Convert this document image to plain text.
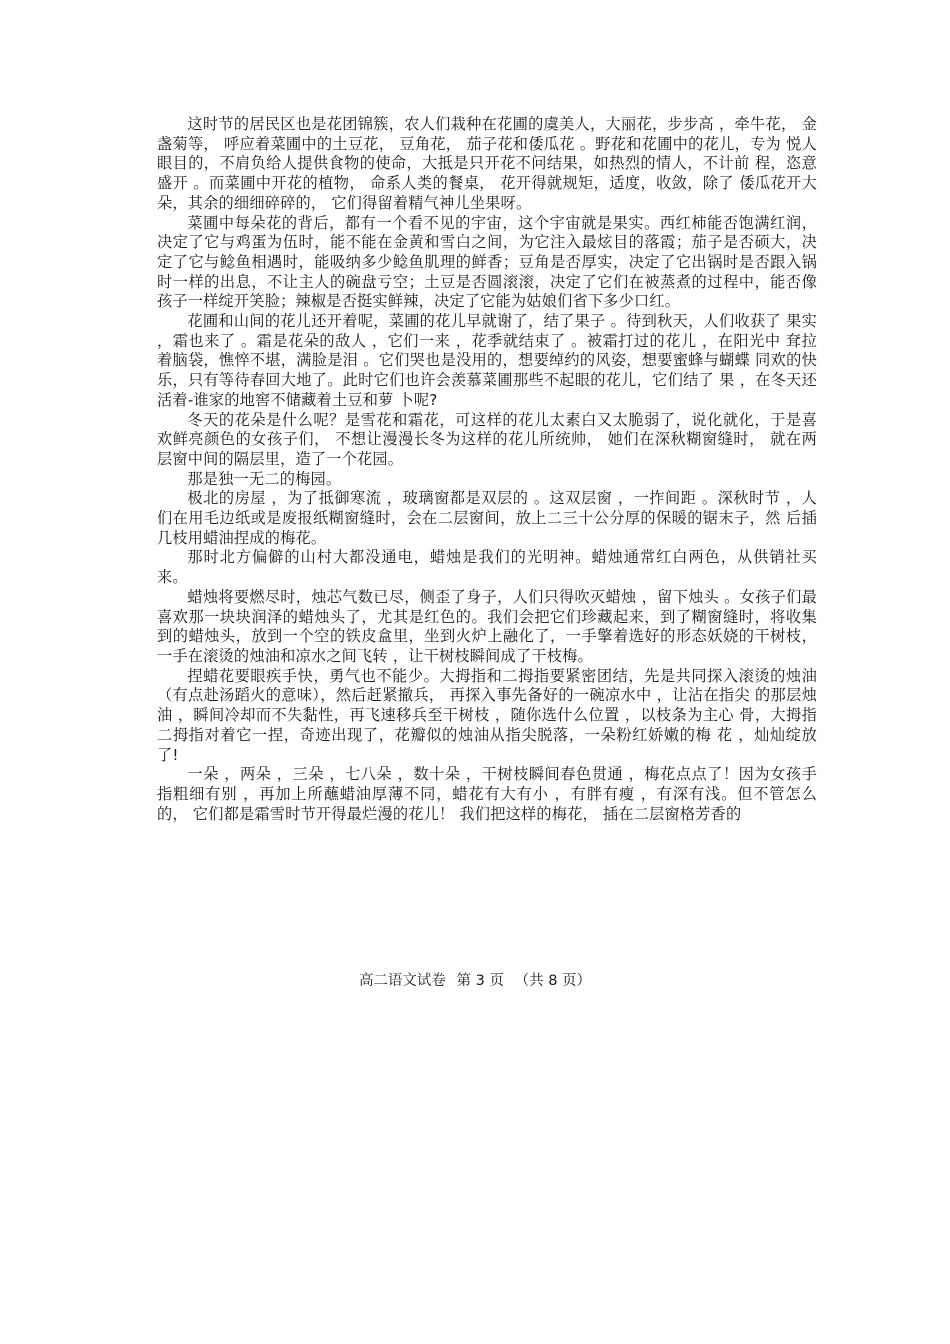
这时节的居民区也是花团锦簇，农人们栽种在花圃的虞美人，大丽花，步步高 ，牵牛花， 金盏菊等， 呼应着菜圃中的土豆花， 豆角花， 茄子花和倭瓜花 。野花和花圃中的花儿，专为 悦人眼目的，不肩负给人提供食物的使命，大抵是只开花不问结果，如热烈的情人，不计前 程，恣意盛开 。而菜圃中开花的植物， 命系人类的餐桌， 花开得就规矩，适度，收敛，除了 倭瓜花开大朵，其余的细细碎碎的， 它们得留着精气神儿坐果呀。

菜圃中每朵花的背后，都有一个看不见的宇宙，这个宇宙就是果实。西红柿能否饱满红润，决定了它与鸡蛋为伍时，能不能在金黄和雪白之间，为它注入最炫目的落霞；茄子是否硕大，决定了它与鲶鱼相遇时，能吸纳多少鲶鱼肌理的鲜香；豆角是否厚实，决定了它出锅时是否跟入锅时一样的出息，不让主人的碗盘亏空；土豆是否圆滚滚，决定了它们在被蒸煮的过程中，能否像孩子一样绽开笑脸；辣椒是否挺实鲜辣，决定了它能为姑娘们省下多少口红。

花圃和山间的花儿还开着呢，菜圃的花儿早就谢了，结了果子 。待到秋天，人们收获了 果实 ，霜也来了 。霜是花朵的敌人 ，它们一来 ，花季就结束了 。被霜打过的花儿 ，在阳光中 耷拉着脑袋，憔悴不堪，满脸是泪 。它们哭也是没用的，想要绰约的风姿，想要蜜蜂与蝴蝶 同欢的快乐，只有等待春回大地了。此时它们也许会羡慕菜圃那些不起眼的花儿，它们结了 果 ，在冬天还活着-谁家的地窖不储藏着土豆和萝 卜呢?

冬天的花朵是什么呢？是雪花和霜花，可这样的花儿太素白又太脆弱了，说化就化，于是喜欢鲜亮颜色的女孩子们， 不想让漫漫长冬为这样的花儿所统帅， 她们在深秋糊窗缝时， 就在两层窗中间的隔层里，造了一个花园。

那是独一无二的梅园。

极北的房屋 ，为了抵御寒流 ，玻璃窗都是双层的 。这双层窗 ，一拃间距 。深秋时节 ，人 们在用毛边纸或是废报纸糊窗缝时，会在二层窗间，放上二三十公分厚的保暖的锯末子，然 后插几枝用蜡油捏成的梅花。

那时北方偏僻的山村大都没通电，蜡烛是我们的光明神。蜡烛通常红白两色，从供销社买来。

蜡烛将要燃尽时，烛芯气数已尽，侧歪了身子，人们只得吹灭蜡烛 ，留下烛头 。女孩子们最喜欢那一块块润泽的蜡烛头了，尤其是红色的。我们会把它们珍藏起来，到了糊窗缝时，将收集到的蜡烛头，放到一个空的铁皮盒里，坐到火炉上融化了，一手擎着选好的形态妖娆的干树枝， 一手在滚烫的烛油和凉水之间飞转 ，让干树枝瞬间成了干枝梅。

捏蜡花要眼疾手快，勇气也不能少。大拇指和二拇指要紧密团结，先是共同探入滚烫的烛油（有点赴汤蹈火的意味），然后赶紧撤兵， 再探入事先备好的一碗凉水中 ，让沾在指尖 的那层烛油 ，瞬间冷却而不失黏性，再飞速移兵至干树枝 ，随你选什么位置 ，以枝条为主心 骨，大拇指二拇指对着它一捏，奇迹出现了，花瓣似的烛油从指尖脱落，一朵粉红娇嫩的梅 花 ，灿灿绽放了!

一朵 ，两朵 ，三朵 ，七八朵 ，数十朵 ，干树枝瞬间春色贯通 ，梅花点点了！因为女孩手 指粗细有别 ，再加上所蘸蜡油厚薄不同，蜡花有大有小 ，有胖有瘦 ，有深有浅。但不管怎么 的， 它们都是霜雪时节开得最烂漫的花儿！ 我们把这样的梅花， 插在二层窗格芳香的

高二语文试卷 第 3 页 （共 8 页）
